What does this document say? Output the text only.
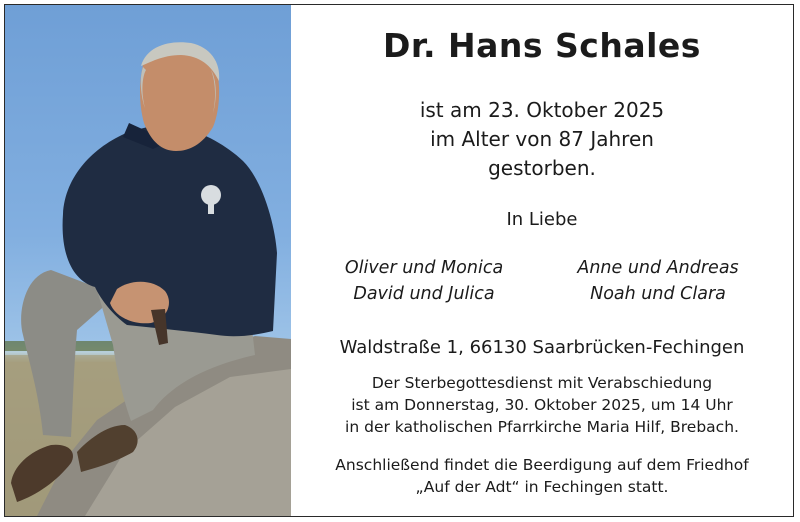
Dr. Hans Schales
ist am 23. Oktober 2025
im Alter von 87 Jahren
gestorben.
In Liebe
Oliver und Monica
David und Julica
Anne und Andreas
Noah und Clara
Waldstraße 1, 66130 Saarbrücken-Fechingen
Der Sterbegottesdienst mit Verabschiedung
ist am Donnerstag, 30. Oktober 2025, um 14 Uhr
in der katholischen Pfarrkirche Maria Hilf, Brebach.
Anschließend findet die Beerdigung auf dem Friedhof
„Auf der Adt“ in Fechingen statt.
